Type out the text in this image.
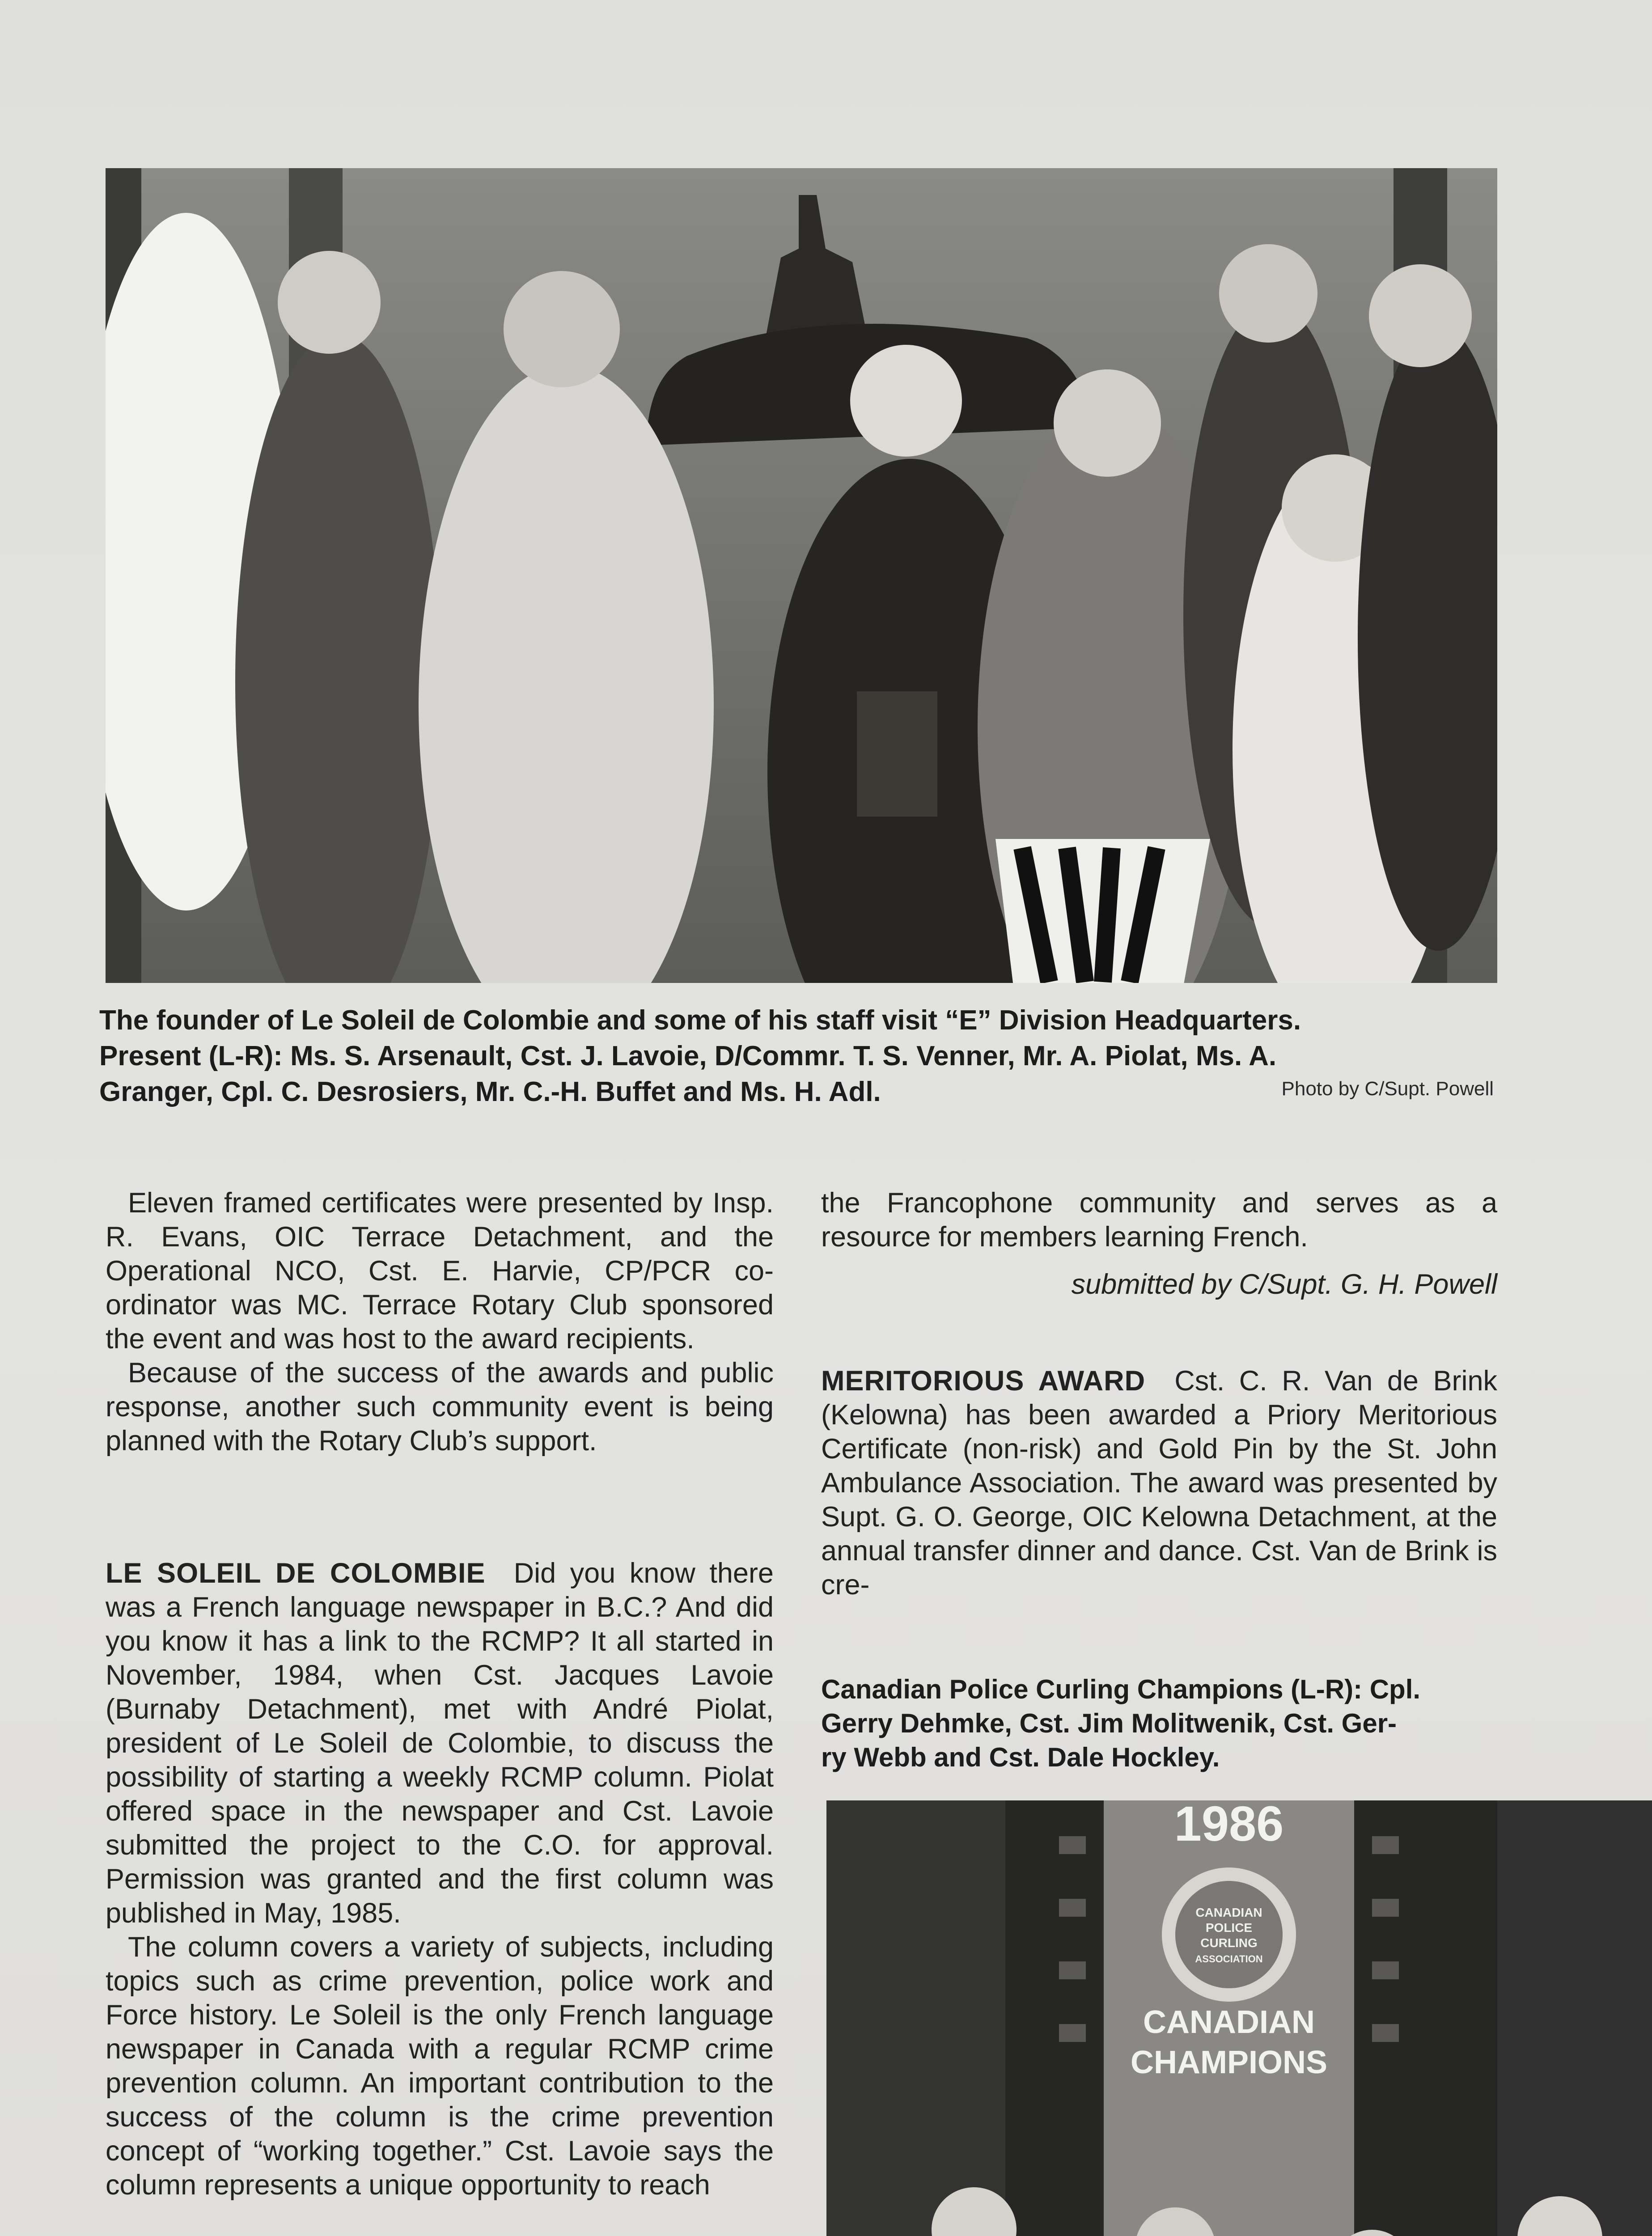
The founder of Le Soleil de Colombie and some of his staff visit “E” Division Headquarters.
Present (L-R): Ms. S. Arsenault, Cst. J. Lavoie, D/Commr. T. S. Venner, Mr. A. Piolat, Ms. A.
Granger, Cpl. C. Desrosiers, Mr. C.-H. Buffet and Ms. H. Adl.	Photo by C/Supt. Powell

Eleven framed certificates were presented by Insp. R. Evans, OIC Terrace Detachment, and the Operational NCO, Cst. E. Harvie, CP/PCR co-ordinator was MC. Terrace Rotary Club sponsored the event and was host to the award recipients.

Because of the success of the awards and public response, another such community event is being planned with the Rotary Club’s support.

LE SOLEIL DE COLOMBIE Did you know there was a French language newspaper in B.C.? And did you know it has a link to the RCMP? It all started in November, 1984, when Cst. Jacques Lavoie (Burnaby Detachment), met with André Piolat, president of Le Soleil de Colombie, to discuss the possibility of starting a weekly RCMP column. Piolat offered space in the newspaper and Cst. Lavoie submitted the project to the C.O. for approval. Permission was granted and the first column was published in May, 1985.

The column covers a variety of subjects, including topics such as crime prevention, police work and Force history. Le Soleil is the only French language newspaper in Canada with a regular RCMP crime prevention column. An important contribution to the success of the column is the crime prevention concept of “working together.” Cst. Lavoie says the column represents a unique opportunity to reach

the Francophone community and serves as a resource for members learning French.

submitted by C/Supt. G. H. Powell

MERITORIOUS AWARD Cst. C. R. Van de Brink (Kelowna) has been awarded a Priory Meritorious Certificate (non-risk) and Gold Pin by the St. John Ambulance Association. The award was presented by Supt. G. O. George, OIC Kelowna Detachment, at the annual transfer dinner and dance. Cst. Van de Brink is cre-

Canadian Police Curling Champions (L-R): Cpl.
Gerry Dehmke, Cst. Jim Molitwenik, Cst. Ger-
ry Webb and Cst. Dale Hockley.
1986
CANADIAN
POLICE
CURLING
ASSOCIATION
CANADIAN
CHAMPIONS
